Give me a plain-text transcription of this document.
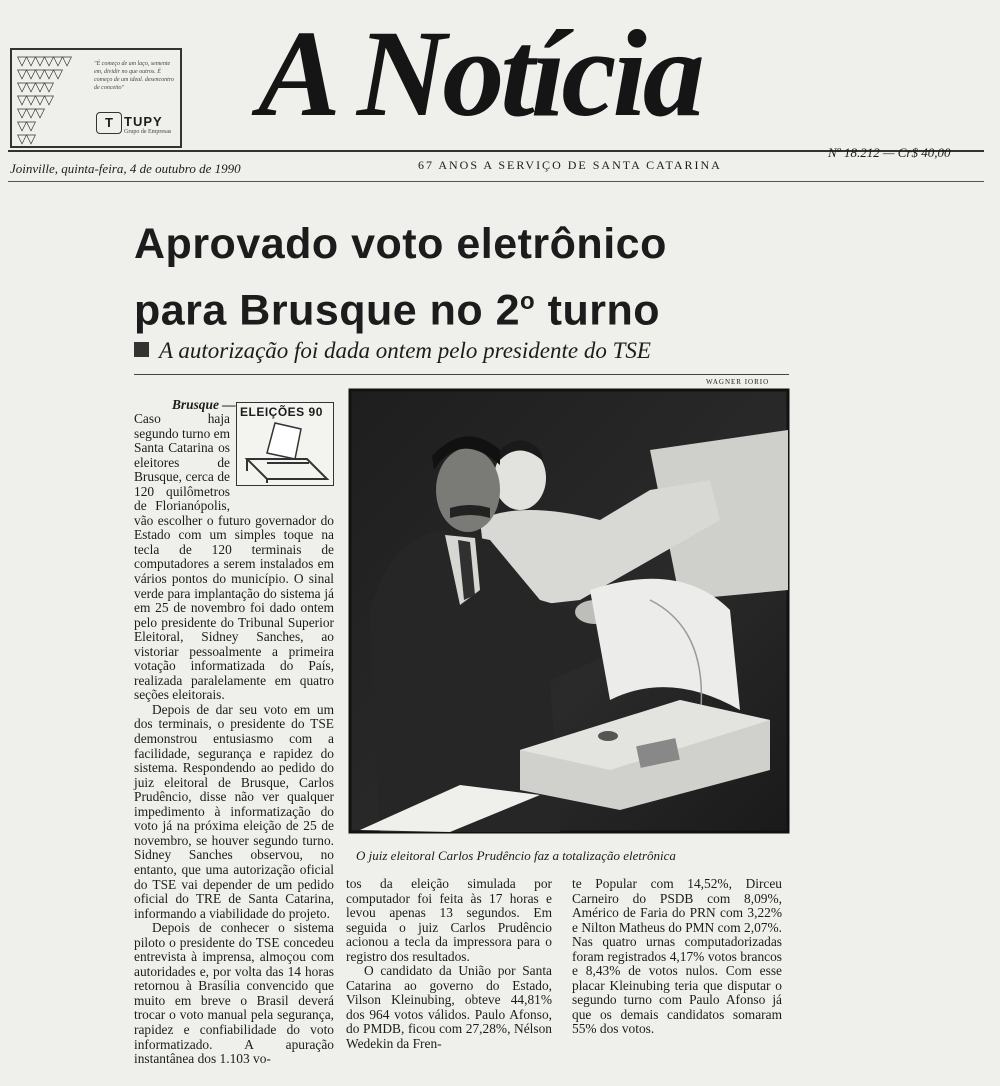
▽▽▽▽▽▽
▽▽▽▽▽
▽▽▽▽
▽▽▽▽
▽▽▽
▽▽
▽▽
"É começo de um laço, semente em, dividir no que outros. É começo de um ideal. desencontro de conceito"
T TUPY
Grupo de Empresas A Notícia
Nº 18.212 — Cr$ 40,00
Joinville, quinta-feira, 4 de outubro de 1990	67 ANOS A SERVIÇO DE SANTA CATARINA
Aprovado voto eletrônico
para Brusque no 2$^o$ turno
A autorização foi dada ontem pelo presidente do TSE
WAGNER IORIO
ELEIÇÕES 90

Brusque —

Caso haja segundo turno em Santa Catarina os eleitores de Brusque, cerca de 120 quilômetros de Florianópolis, vão escolher o futuro governador do Estado com um simples toque na tecla de 120 terminais de computadores a serem instalados em vários pontos do município. O sinal verde para implantação do sistema já em 25 de novembro foi dado ontem pelo presidente do Tribunal Superior Eleitoral, Sidney Sanches, ao vistoriar pessoalmente a primeira votação informatizada do País, realizada paralelamente em quatro seções eleitorais.

Depois de dar seu voto em um dos terminais, o presidente do TSE demonstrou entusiasmo com a facilidade, segurança e rapidez do sistema. Respondendo ao pedido do juiz eleitoral de Brusque, Carlos Prudêncio, disse não ver qualquer impedimento à informatização do voto já na próxima eleição de 25 de novembro, se houver segundo turno. Sidney Sanches observou, no entanto, que uma autorização oficial do TSE vai depender de um pedido oficial do TRE de Santa Catarina, informando a viabilidade do projeto.

Depois de conhecer o sistema piloto o presidente do TSE concedeu entrevista à imprensa, almoçou com autoridades e, por volta das 14 horas retornou à Brasília convencido que muito em breve o Brasil deverá trocar o voto manual pela segurança, rapidez e confiabilidade do voto informatizado. A apuração instantânea dos 1.103 vo-

O juiz eleitoral Carlos Prudêncio faz a totalização eletrônica

tos da eleição simulada por computador foi feita às 17 horas e levou apenas 13 segundos. Em seguida o juiz Carlos Prudêncio acionou a tecla da impressora para o registro dos resultados.

O candidato da União por Santa Catarina ao governo do Estado, Vilson Kleinubing, obteve 44,81% dos 964 votos válidos. Paulo Afonso, do PMDB, ficou com 27,28%, Nélson Wedekin da Fren-

te Popular com 14,52%, Dirceu Carneiro do PSDB com 8,09%, Américo de Faria do PRN com 3,22% e Nilton Matheus do PMN com 2,07%. Nas quatro urnas computadorizadas foram registrados 4,17% votos brancos e 8,43% de votos nulos. Com esse placar Kleinubing teria que disputar o segundo turno com Paulo Afonso já que os demais candidatos somaram 55% dos votos.
